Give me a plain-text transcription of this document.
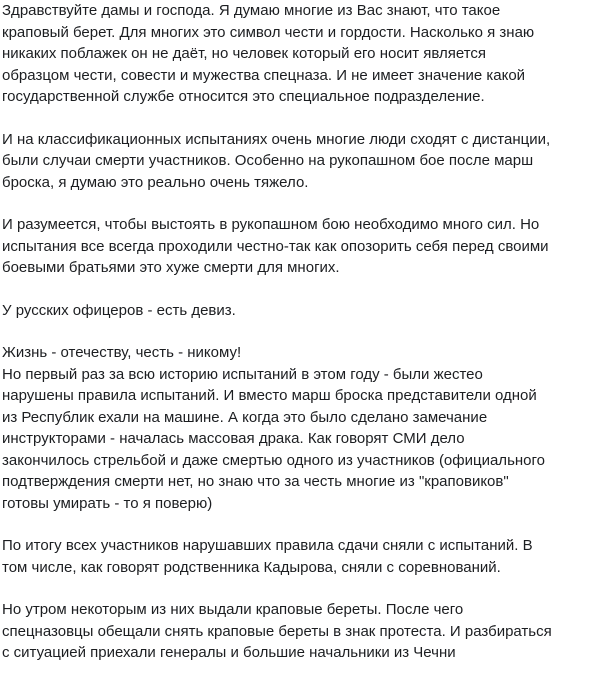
Здравствуйте дамы и господа. Я думаю многие из Вас знают, что такое
краповый берет. Для многих это символ чести и гордости. Насколько я знаю
никаких поблажек он не даёт, но человек который его носит является
образцом чести, совести и мужества спецназа. И не имеет значение какой
государственной службе относится это специальное подразделение.

И на классификационных испытаниях очень многие люди сходят с дистанции,
были случаи смерти участников. Особенно на рукопашном бое после марш
броска, я думаю это реально очень тяжело.

И разумеется, чтобы выстоять в рукопашном бою необходимо много сил. Но
испытания все всегда проходили честно-так как опозорить себя перед своими
боевыми братьями это хуже смерти для многих.

У русских офицеров - есть девиз.

Жизнь - отечеству, честь - никому!
Но первый раз за всю историю испытаний в этом году - были жестео
нарушены правила испытаний. И вместо марш броска представители одной
из Республик ехали на машине. А когда это было сделано замечание
инструкторами - началась массовая драка. Как говорят СМИ дело
закончилось стрельбой и даже смертью одного из участников (официального
подтверждения смерти нет, но знаю что за честь многие из "краповиков"
готовы умирать - то я поверю)

По итогу всех участников нарушавших правила сдачи сняли с испытаний. В
том числе, как говорят родственника Кадырова, сняли с соревнований.

Но утром некоторым из них выдали краповые береты. После чего
спецназовцы обещали снять краповые береты в знак протеста. И разбираться
с ситуацией приехали генералы и большие начальники из Чечни
